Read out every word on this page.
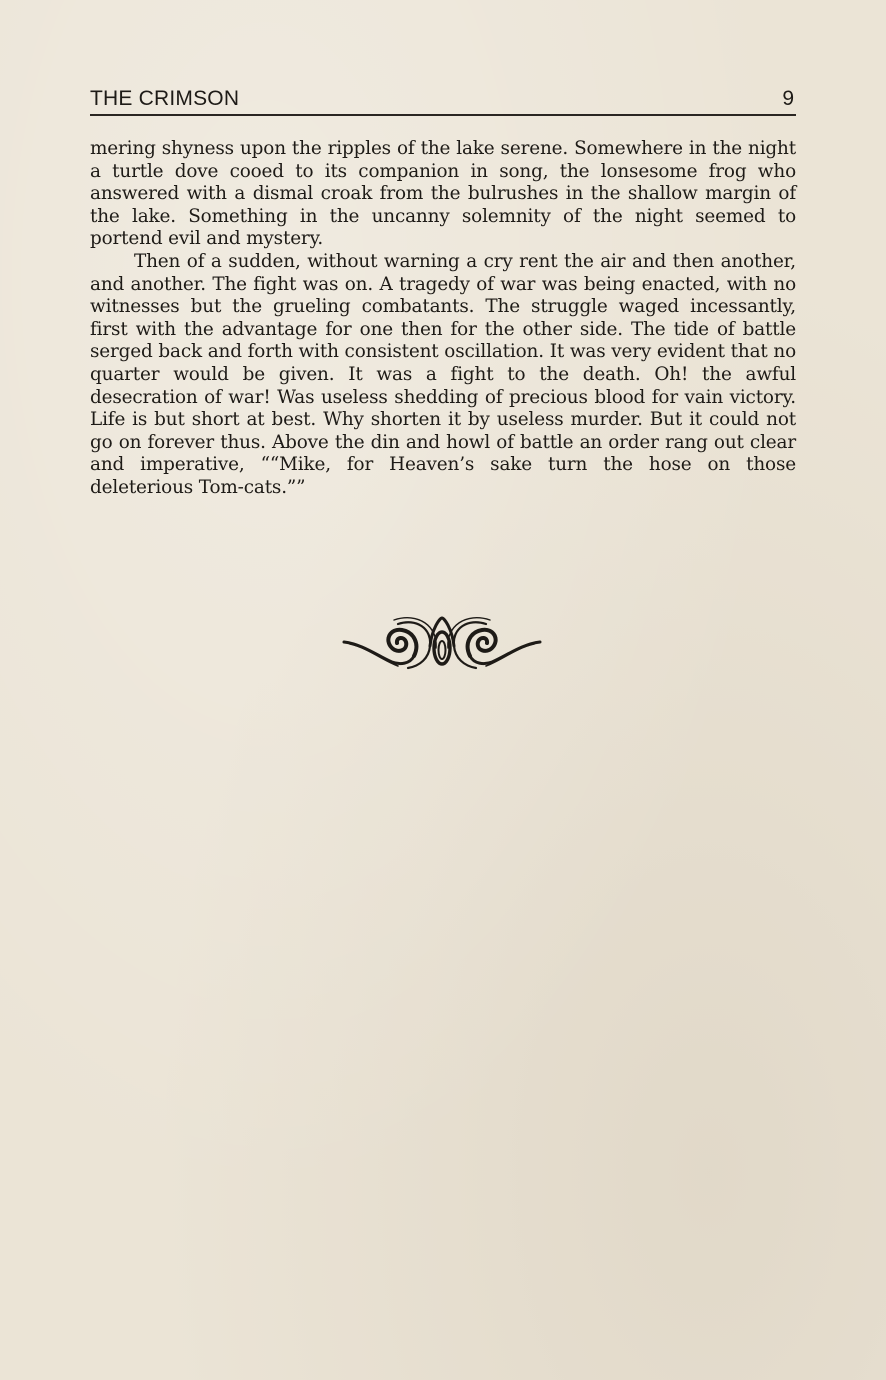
THE CRIMSON	9

mering shyness upon the ripples of the lake serene. Somewhere in the night a turtle dove cooed to its companion in song, the lonsesome frog who answered with a dismal croak from the bulrushes in the shallow margin of the lake. Something in the uncanny solemnity of the night seemed to portend evil and mystery.

Then of a sudden, without warning a cry rent the air and then another, and another. The fight was on. A tragedy of war was being enacted, with no witnesses but the grueling combatants. The struggle waged incessantly, first with the advantage for one then for the other side. The tide of battle serged back and forth with consistent oscillation. It was very evident that no quarter would be given. It was a fight to the death. Oh! the awful desecration of war! Was useless shedding of precious blood for vain victory. Life is but short at best. Why shorten it by useless murder. But it could not go on forever thus. Above the din and howl of battle an order rang out clear and imperative, ““Mike, for Heaven’s sake turn the hose on those deleterious Tom-cats.””
